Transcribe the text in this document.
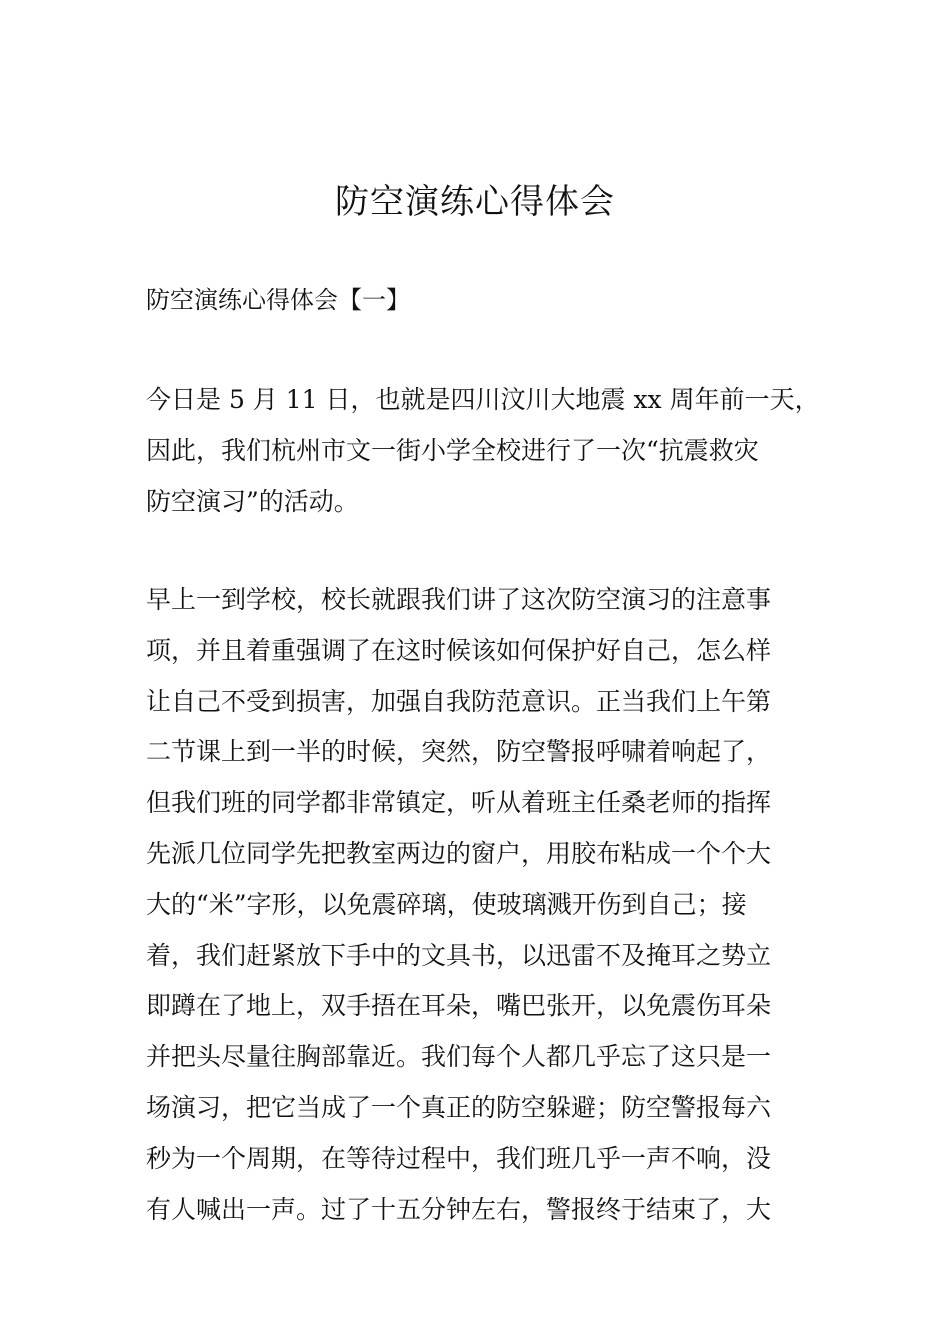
防空演练心得体会

防空演练心得体会【一】

今日是 5 月 11 日，也就是四川汶川大地震 xx 周年前一天，
因此，我们杭州市文一街小学全校进行了一次“抗震救灾
防空演习”的活动。

早上一到学校，校长就跟我们讲了这次防空演习的注意事
项，并且着重强调了在这时候该如何保护好自己，怎么样
让自己不受到损害，加强自我防范意识。正当我们上午第
二节课上到一半的时候，突然，防空警报呼啸着响起了，
但我们班的同学都非常镇定，听从着班主任桑老师的指挥
先派几位同学先把教室两边的窗户，用胶布粘成一个个大
大的“米”字形，以免震碎璃，使玻璃溅开伤到自己；接
着，我们赶紧放下手中的文具书，以迅雷不及掩耳之势立
即蹲在了地上，双手捂在耳朵，嘴巴张开，以免震伤耳朵
并把头尽量往胸部靠近。我们每个人都几乎忘了这只是一
场演习，把它当成了一个真正的防空躲避；防空警报每六
秒为一个周期，在等待过程中，我们班几乎一声不响，没
有人喊出一声。过了十五分钟左右，警报终于结束了，大
